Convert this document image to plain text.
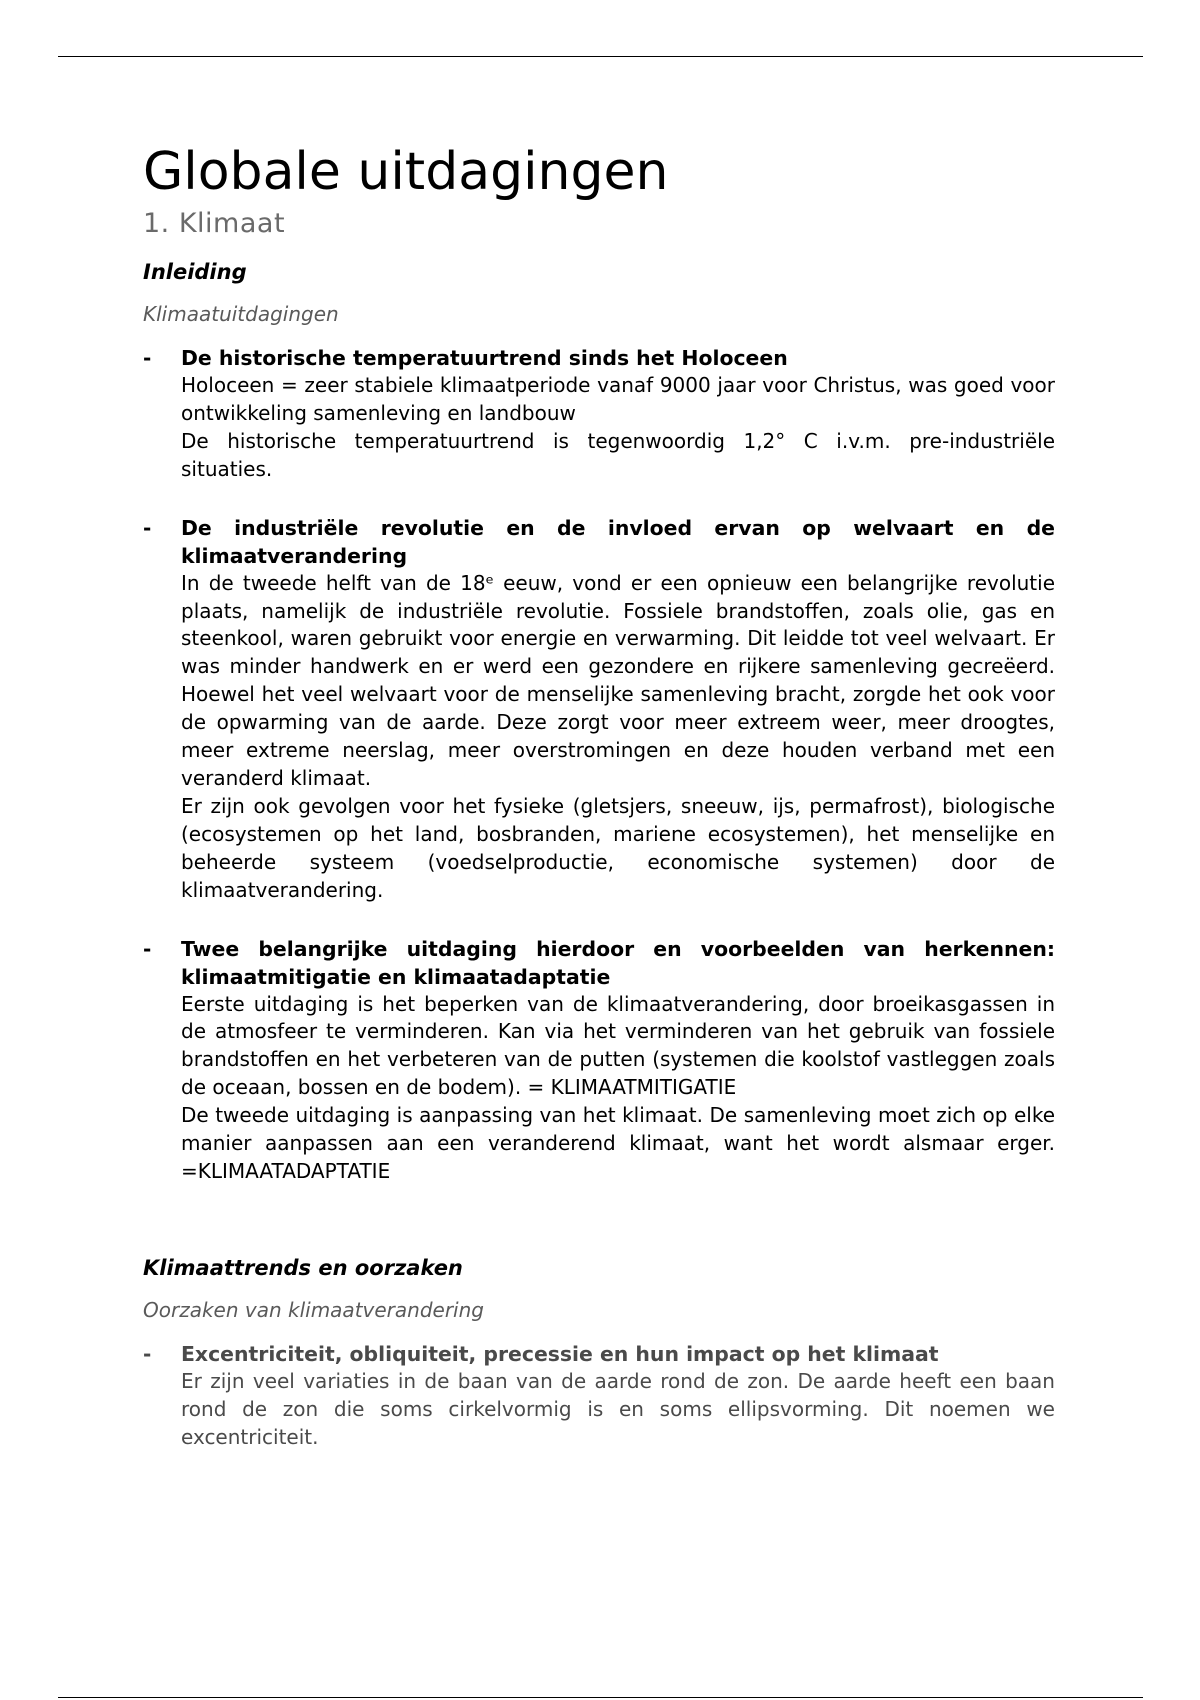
Globale uitdagingen
1. Klimaat
Inleiding
Klimaatuitdagingen
- De historische temperatuurtrend sinds het Holoceen
Holoceen = zeer stabiele klimaatperiode vanaf 9000 jaar voor Christus, was goed voor ontwikkeling samenleving en landbouw
De historische temperatuurtrend is tegenwoordig 1,2° C i.v.m. pre-industriële situaties.
- De industriële revolutie en de invloed ervan op welvaart en de klimaatverandering
In de tweede helft van de 18ᵉ eeuw, vond er een opnieuw een belangrijke revolutie plaats, namelijk de industriële revolutie. Fossiele brandstoffen, zoals olie, gas en steenkool, waren gebruikt voor energie en verwarming. Dit leidde tot veel welvaart. Er was minder handwerk en er werd een gezondere en rijkere samenleving gecreëerd. Hoewel het veel welvaart voor de menselijke samenleving bracht, zorgde het ook voor de opwarming van de aarde. Deze zorgt voor meer extreem weer, meer droogtes, meer extreme neerslag, meer overstromingen en deze houden verband met een veranderd klimaat.
Er zijn ook gevolgen voor het fysieke (gletsjers, sneeuw, ijs, permafrost), biologische (ecosystemen op het land, bosbranden, mariene ecosystemen), het menselijke en beheerde systeem (voedselproductie, economische systemen) door de klimaatverandering.
- Twee belangrijke uitdaging hierdoor en voorbeelden van herkennen: klimaatmitigatie en klimaatadaptatie
Eerste uitdaging is het beperken van de klimaatverandering, door broeikasgassen in de atmosfeer te verminderen. Kan via het verminderen van het gebruik van fossiele brandstoffen en het verbeteren van de putten (systemen die koolstof vastleggen zoals de oceaan, bossen en de bodem). = KLIMAATMITIGATIE
De tweede uitdaging is aanpassing van het klimaat. De samenleving moet zich op elke manier aanpassen aan een veranderend klimaat, want het wordt alsmaar erger. =KLIMAATADAPTATIE
Klimaattrends en oorzaken
Oorzaken van klimaatverandering
- Excentriciteit, obliquiteit, precessie en hun impact op het klimaat
Er zijn veel variaties in de baan van de aarde rond de zon. De aarde heeft een baan rond de zon die soms cirkelvormig is en soms ellipsvorming. Dit noemen we excentriciteit.
